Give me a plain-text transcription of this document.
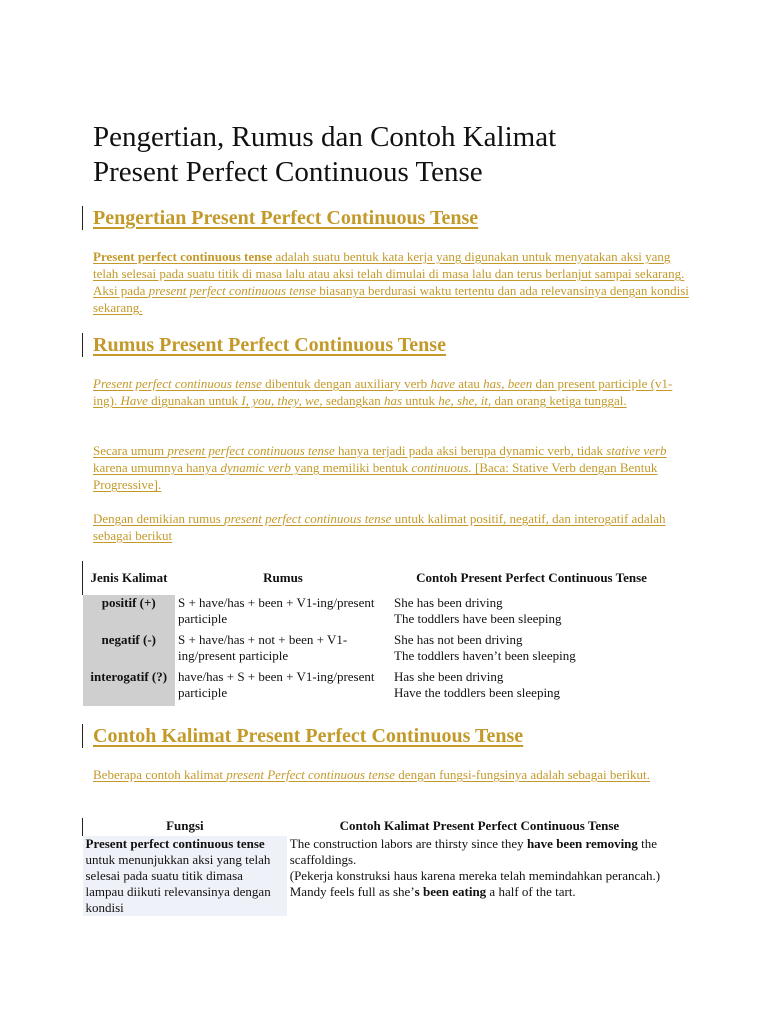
Pengertian, Rumus dan Contoh Kalimat
Present Perfect Continuous Tense
Pengertian Present Perfect Continuous Tense

Present perfect continuous tense adalah suatu bentuk kata kerja yang digunakan untuk menyatakan aksi yang telah selesai pada suatu titik di masa lalu atau aksi telah dimulai di masa lalu dan terus berlanjut sampai sekarang. Aksi pada present perfect continuous tense biasanya berdurasi waktu tertentu dan ada relevansinya dengan kondisi sekarang.

Rumus Present Perfect Continuous Tense

Present perfect continuous tense dibentuk dengan auxiliary verb have atau has, been dan present participle (v1-ing). Have digunakan untuk I, you, they, we, sedangkan has untuk he, she, it, dan orang ketiga tunggal.

Secara umum present perfect continuous tense hanya terjadi pada aksi berupa dynamic verb, tidak stative verb karena umumnya hanya dynamic verb yang memiliki bentuk continuous. [Baca: Stative Verb dengan Bentuk Progressive].

Dengan demikian rumus present perfect continuous tense untuk kalimat positif, negatif, dan interogatif adalah sebagai berikut

Jenis Kalimat	Rumus	Contoh Present Perfect Continuous Tense
positif (+)	S + have/has + been + V1-ing/present participle	She has been driving
The toddlers have been sleeping

negatif (-)	S + have/has + not + been + V1-ing/present participle	She has not been driving
The toddlers haven’t been sleeping

interogatif (?)	have/has + S + been + V1-ing/present participle	Has she been driving
Have the toddlers been sleeping
Contoh Kalimat Present Perfect Continuous Tense

Beberapa contoh kalimat present Perfect continuous tense dengan fungsi-fungsinya adalah sebagai berikut.

Fungsi	Contoh Kalimat Present Perfect Continuous Tense
Present perfect continuous tense untuk menunjukkan aksi yang telah selesai pada suatu titik dimasa lampau diikuti relevansinya dengan kondisi	The construction labors are thirsty since they have been removing the scaffoldings.
(Pekerja konstruksi haus karena mereka telah memindahkan perancah.)
Mandy feels full as she’s been eating a half of the tart.
